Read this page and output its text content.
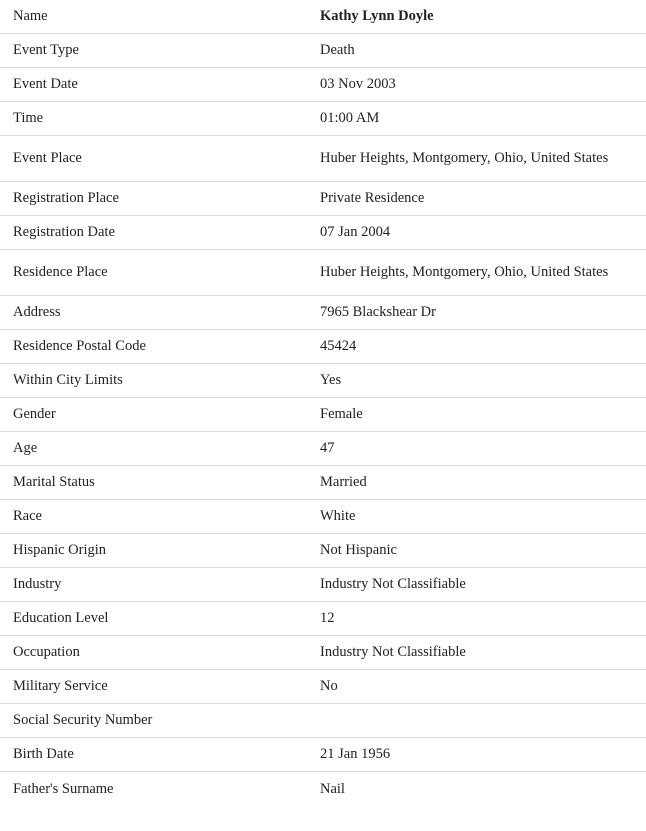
Name	Kathy Lynn Doyle
Event Type	Death
Event Date	03 Nov 2003
Time	01:00 AM
Event Place	Huber Heights, Montgomery, Ohio, United States
Registration Place	Private Residence
Registration Date	07 Jan 2004
Residence Place	Huber Heights, Montgomery, Ohio, United States
Address	7965 Blackshear Dr
Residence Postal Code	45424
Within City Limits	Yes
Gender	Female
Age	47
Marital Status	Married
Race	White
Hispanic Origin	Not Hispanic
Industry	Industry Not Classifiable
Education Level	12
Occupation	Industry Not Classifiable
Military Service	No
Social Security Number
Birth Date	21 Jan 1956
Father's Surname	Nail
